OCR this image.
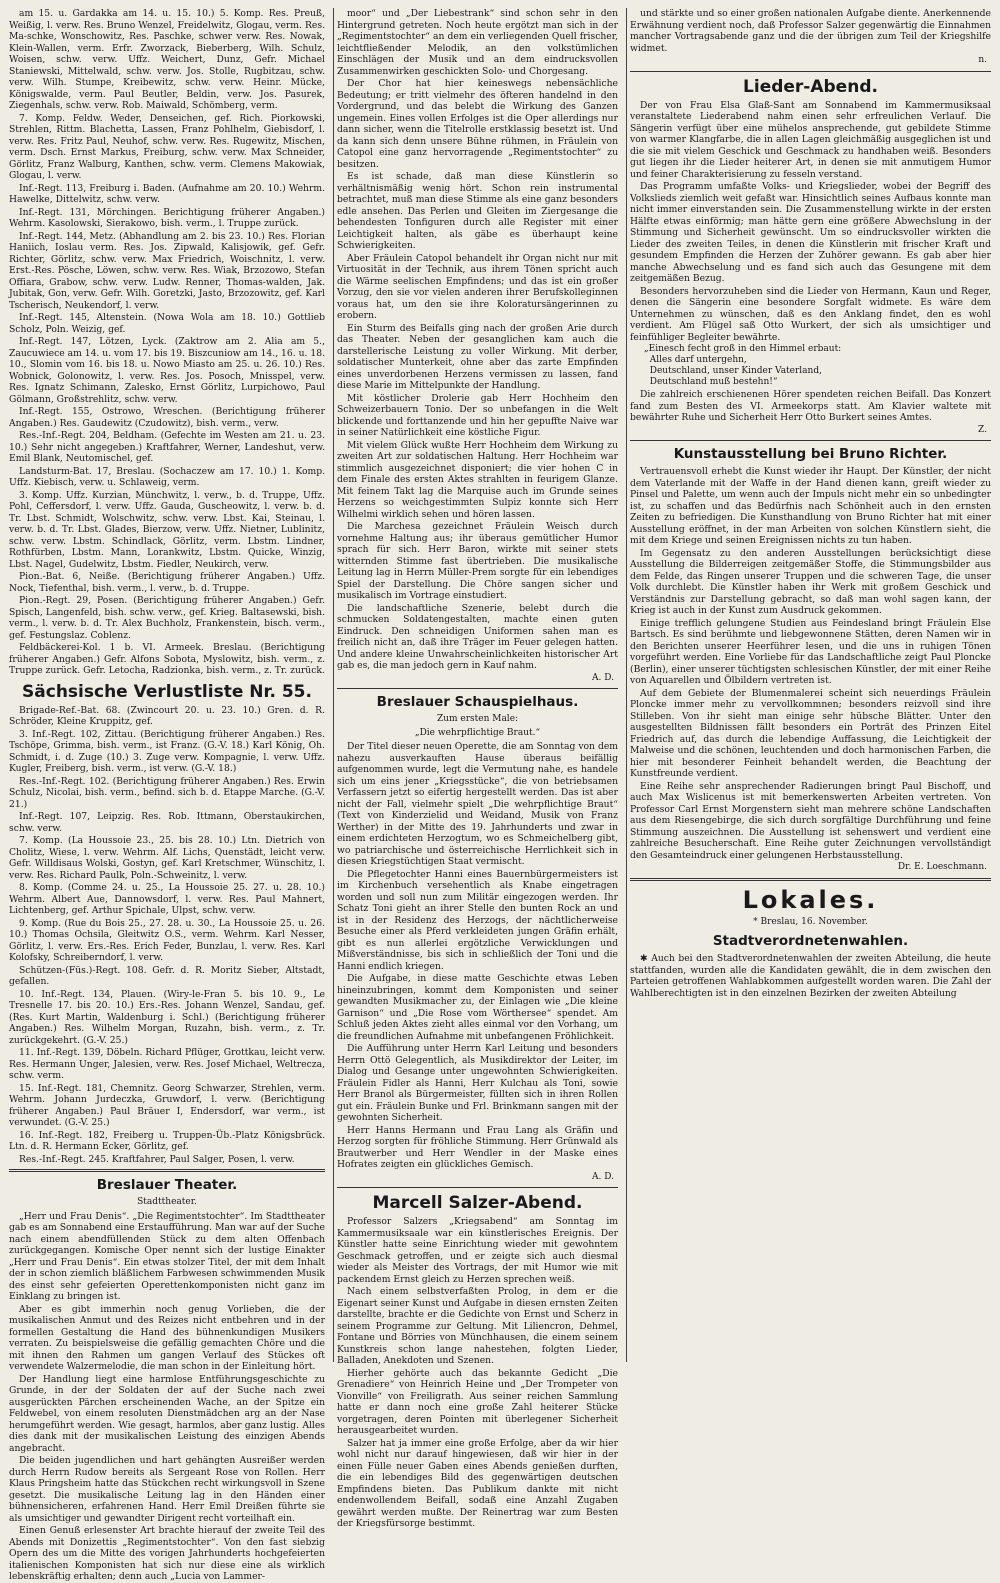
am 15. u. Gardakka am 14. u. 15. 10.) 5. Komp. Res. Preuß, Weißig, l. verw. Res. Bruno Wenzel, Freidelwitz, Glogau, verm. Res. Ma-schke, Wonschowitz, Res. Paschke, schwer verw. Res. Nowak, Klein-Wallen, verm. Erfr. Zworzack, Bieberberg, Wilh. Schulz, Woisen, schw. verw. Uffz. Weichert, Dunz, Gefr. Michael Staniewski, Mittelwald, schw. verw. Jos. Stolle, Rugbitzau, schw. verw. Wilh. Stumpe, Kreibewitz, schw. verw. Heinr. Mücke, Königswalde, verm. Paul Beutler, Beldin, verw. Jos. Pasurek, Ziegenhals, schw. verw. Rob. Maiwald, Schömberg, verm.

7. Komp. Feldw. Weder, Denseichen, gef. Rich. Piorkowski, Strehlen, Rittm. Blachetta, Lassen, Franz Pohlhelm, Giebisdorf, l. verw. Res. Fritz Paul, Neuhof, schw. verw. Res. Rugewitz, Mischen, verm. Dsch. Ernst Markus, Freiburg, schw. verw. Max Schneider, Görlitz, Franz Walburg, Kanthen, schw. verm. Clemens Makowiak, Glogau, l. verw.

Inf.-Regt. 113, Freiburg i. Baden. (Aufnahme am 20. 10.) Wehrm. Hawelke, Dittelwitz, schw. verw.

Inf.-Regt. 131, Mörchingen. Berichtigung früherer Angaben.) Wehrm. Kasolowski, Sierakowo, bish. verm., l. Truppe zurück.

Inf.-Regt. 144, Metz. (Abhandlung am 2. bis 23. 10.) Res. Florian Haniich, Ioslau verm. Res. Jos. Zipwald, Kalisjowik, gef. Gefr. Richter, Görlitz, schw. verw. Max Friedrich, Woischnitz, l. verw. Erst.-Res. Pösche, Löwen, schw. verw. Res. Wiak, Brzozowo, Stefan Offiara, Grabow, schw. verw. Ludw. Renner, Thomas-walden, Jak. Jubitak, Gon, verw. Gefr. Wilh. Goretzki, Jasto, Brzozowitz, gef. Karl Tscherisch, Neukendorf, l. verw.

Inf.-Regt. 145, Altenstein. (Nowa Wola am 18. 10.) Gottlieb Scholz, Poln. Weizig, gef.

Inf.-Regt. 147, Lötzen, Lyck. (Zaktrow am 2. Alia am 5., Zaucuwiece am 14. u. vom 17. bis 19. Biszcuniow am 14., 16. u. 18. 10., Slomin vom 16. bis 18. u. Nowo Miasto am 25. u. 26. 10.) Res. Wobnick, Golonowitz, l. verw. Res. Jos. Posoch, Mnisspel, verw. Res. Ignatz Schimann, Zalesko, Ernst Görlitz, Lurpichowo, Paul Gölmann, Großstrehlitz, schw. verw.

Inf.-Regt. 155, Ostrowo, Wreschen. (Berichtigung früherer Angaben.) Res. Gaudewitz (Czudowitz), bish. verm., verw.

Res.-Inf.-Regt. 204, Beldham. (Gefechte im Westen am 21. u. 23. 10.) Sehr nicht angegeben.) Kraftfahrer, Werner, Landeshut, verw. Emil Blank, Neutomischel, gef.

Landsturm-Bat. 17, Breslau. (Sochaczew am 17. 10.) 1. Komp. Uffz. Kiebisch, verw. u. Schlaweig, verm.

3. Komp. Uffz. Kurzian, Münchwitz, l. verw., b. d. Truppe, Uffz. Pohl, Ceffersdorf, l. verw. Uffz. Gauda, Guscheowitz, l. verw. b. d. Tr. Lbst. Schmidt, Wolschwitz, schw. verw. Lbst. Kai, Steinau, l. verw. b. d. Tr. Lbst. Glades, Bierzow, verw. Uffz. Nietner, Lublinitz, schw. verw. Lbstm. Schindlack, Görlitz, verm. Lbstm. Lindner, Rothfürben, Lbstm. Mann, Lorankwitz, Lbstm. Quicke, Winzig, Lbst. Nagel, Gudelwitz, Lbstm. Fiedler, Neukirch, verw.

Pion.-Bat. 6, Neiße. (Berichtigung früherer Angaben.) Uffz. Nock, Tiefenthal, bish. verm., l. verw., b. d. Truppe.

Pion.-Regt. 29, Posen. (Berichtigung früherer Angaben.) Gefr. Spisch, Langenfeld, bish. schw. verw., gef. Krieg. Baltasewski, bish. verm., l. verw. b. d. Tr. Alex Buchholz, Frankenstein, bisch. verm., gef. Festungslaz. Coblenz.

Feldbäckerei-Kol. 1 b. VI. Armeek. Breslau. (Berichtigung früherer Angaben.) Gefr. Alfons Sobota, Myslowitz, bish. verm., z. Truppe zurück. Gefr. Letocha, Radzionka, bish. verm., z. Tr. zurück.

Sächsische Verlustliste Nr. 55.

Brigade-Ref.-Bat. 68. (Zwincourt 20. u. 23. 10.) Gren. d. R. Schröder, Kleine Kruppitz, gef.

3. Inf.-Regt. 102, Zittau. (Berichtigung früherer Angaben.) Res. Tschöpe, Grimma, bish. verm., ist Franz. (G.-V. 18.) Karl König, Oh. Schmidt, i. d. Zuge (10.) 3. Zuge verw. Kompagnie, l. verw. Uffz. Kugler, Freiberg, bish. verm., ist verw. (G.-V. 18.)

Res.-Inf.-Regt. 102. (Berichtigung früherer Angaben.) Res. Erwin Schulz, Nicolai, bish. verm., befind. sich b. d. Etappe Marche. (G.-V. 21.)

Inf.-Regt. 107, Leipzig. Res. Rob. Ittmann, Oberstaukirchen, schw. verw.

7. Komp. (La Houssoie 23., 25. bis 28. 10.) Ltn. Dietrich von Cholitz, Wiese, l. verw. Wehrm. Alf. Lichs, Quenstädt, leicht verw. Gefr. Willdisaus Wolski, Gostyn, gef. Karl Kretschmer, Wünschitz, l. verw. Res. Richard Paulk, Poln.-Schweinitz, l. verw.

8. Komp. (Comme 24. u. 25., La Houssoie 25. 27. u. 28. 10.) Wehrm. Albert Aue, Dannowsdorf, l. verw. Res. Paul Mahnert, Lichtenberg, gef. Arthur Spichale, Ulpst, schw. verw.

9. Komp. (Rue du Bois 25., 27. 28. u. 30., La Houssoie 25. u. 26. 10.) Thomas Ochsila, Gleitwitz O.S., verm. Wehrm. Karl Nesser, Görlitz, l. verw. Ers.-Res. Erich Feder, Bunzlau, l. verw. Res. Karl Kolofsky, Schreiberndorf, l. verw.

Schützen-(Füs.)-Regt. 108. Gefr. d. R. Moritz Sieber, Altstadt, gefallen.

10. Inf.-Regt. 134, Plauen. (Wiry-le-Fran 5. bis 10. 9., Le Tresnelle 17. bis 20. 10.) Ers.-Res. Johann Wenzel, Sandau, gef. (Res. Kurt Martin, Waldenburg i. Schl.) (Berichtigung früherer Angaben.) Res. Wilhelm Morgan, Ruzahn, bish. verm., z. Tr. zurückgekehrt. (G.-V. 25.)

11. Inf.-Regt. 139, Döbeln. Richard Pflüger, Grottkau, leicht verw. Res. Hermann Unger, Jalesien, verw. Res. Josef Michael, Weltrecza, schw. verm.

15. Inf.-Regt. 181, Chemnitz. Georg Schwarzer, Strehlen, verm. Wehrm. Johann Jurdeczka, Gruwdorf, l. verw. (Berichtigung früherer Angaben.) Paul Bräuer I, Endersdorf, war verm., ist verwundet. (G.-V. 25.)

16. Inf.-Regt. 182, Freiberg u. Truppen-Üb.-Platz Königsbrück. Ltn. d. R. Hermann Ecker, Görlitz, gef.

Res.-Inf.-Regt. 245. Kraftfahrer, Paul Salger, Posen, l. verw.

Breslauer Theater.
Stadttheater.

„Herr und Frau Denis“. „Die Regimentstochter“. Im Stadttheater gab es am Sonnabend eine Erstaufführung. Man war auf der Suche nach einem abendfüllenden Stück zu dem alten Offenbach zurückgegangen. Komische Oper nennt sich der lustige Einakter „Herr und Frau Denis“. Ein etwas stolzer Titel, der mit dem Inhalt der in schon ziemlich bläßlichem Farbwesen schwimmenden Musik des einst sehr gefeierten Operettenkomponisten nicht ganz im Einklang zu bringen ist.

Aber es gibt immerhin noch genug Vorlieben, die der musikalischen Anmut und des Reizes nicht entbehren und in der formellen Gestaltung die Hand des bühnenkundigen Musikers verraten. Zu beispielsweise die gefällig gemachten Chöre und die mit ihnen den Rahmen um gangen Verlauf des Stückes oft verwendete Walzermelodie, die man schon in der Einleitung hört.

Der Handlung liegt eine harmlose Entführungsgeschichte zu Grunde, in der der Soldaten der auf der Suche nach zwei ausgerückten Pärchen erscheinenden Wache, an der Spitze ein Feldwebel, von einem resoluten Dienstmädchen arg an der Nase herumgeführt werden. Wie gesagt, harmlos, aber ganz lustig. Alles dies dank mit der musikalischen Leistung des einzigen Abends angebracht.

Die beiden jugendlichen und hart gehängten Ausreißer werden durch Herrn Rudow bereits als Sergeant Rose von Rollen. Herr Klaus Pringsheim hatte das Stückchen recht wirkungsvoll in Szene gesetzt. Die musikalische Leitung lag in den Händen einer bühnensicheren, erfahrenen Hand. Herr Emil Dreißen führte sie als umsichtiger und gewandter Dirigent recht vorteilhaft ein.

Einen Genuß erlesenster Art brachte hierauf der zweite Teil des Abends mit Donizettis „Regimentstochter“. Von den fast siebzig Opern des um die Mitte des vorigen Jahrhunderts hochgefeierten italienischen Komponisten hat sich nur diese eine als wirklich lebenskräftig erhalten; denn auch „Lucia von Lammer-

moor“ und „Der Liebestrank“ sind schon sehr in den Hintergrund getreten. Noch heute ergötzt man sich in der „Regimentstochter“ an dem ein verliegenden Quell frischer, leichtfließender Melodik, an den volkstümlichen Einschlägen der Musik und an dem eindrucksvollen Zusammenwirken geschickten Solo- und Chorgesang.

Der Chor hat hier keineswegs nebensächliche Bedeutung; er tritt vielmehr des öfteren handelnd in den Vordergrund, und das belebt die Wirkung des Ganzen ungemein. Eines vollen Erfolges ist die Oper allerdings nur dann sicher, wenn die Titelrolle erstklassig besetzt ist. Und da kann sich denn unsere Bühne rühmen, in Fräulein von Catopol eine ganz hervorragende „Regimentstochter“ zu besitzen.

Es ist schade, daß man diese Künstlerin so verhältnismäßig wenig hört. Schon rein instrumental betrachtet, muß man diese Stimme als eine ganz besonders edle ansehen. Das Perlen und Gleiten im Ziergesange die behendesten Tonfiguren durch alle Register mit einer Leichtigkeit halten, als gäbe es überhaupt keine Schwierigkeiten.

Aber Fräulein Catopol behandelt ihr Organ nicht nur mit Virtuosität in der Technik, aus ihrem Tönen spricht auch die Wärme seelischen Empfindens; und das ist ein großer Vorzug, den sie vor vielen anderen ihrer Berufskolleginnen voraus hat, um den sie ihre Koloratursängerinnen zu erobern.

Ein Sturm des Beifalls ging nach der großen Arie durch das Theater. Neben der gesanglichen kam auch die darstellerische Leistung zu voller Wirkung. Mit derber, soldatischer Munterkeit, ohne aber das zarte Empfinden eines unverdorbenen Herzens vermissen zu lassen, fand diese Marie im Mittelpunkte der Handlung.

Mit köstlicher Drolerie gab Herr Hochheim den Schweizerbauern Tonio. Der so unbefangen in die Welt blickende und forttanzende und hin her gepuffte Naive war in seiner Natürlichkeit eine köstliche Figur.

Mit vielem Glück wußte Herr Hochheim dem Wirkung zu zweiten Art zur soldatischen Haltung. Herr Hochheim war stimmlich ausgezeichnet disponiert; die vier hohen C in dem Finale des ersten Aktes strahlten in feurigem Glanze. Mit feinem Takt lag die Marquise auch im Grunde seines Herzens so weichgestimmten Sulpiz konnte sich Herr Wilhelmi wirklich sehen und hören lassen.

Die Marchesa gezeichnet Fräulein Weisch durch vornehme Haltung aus; ihr überaus gemütlicher Humor sprach für sich. Herr Baron, wirkte mit seiner stets witternden Stimme fast übertrieben. Die musikalische Leitung lag in Herrn Müller-Prem sorgte für ein lebendiges Spiel der Darstellung. Die Chöre sangen sicher und musikalisch im Vortrage einstudiert.

Die landschaftliche Szenerie, belebt durch die schmucken Soldatengestalten, machte einen guten Eindruck. Den schneidigen Uniformen sahen man es freilich nicht an, daß ihre Träger im Feuer gelegen hatten. Und andere kleine Unwahrscheinlichkeiten historischer Art gab es, die man jedoch gern in Kauf nahm.

A. D.
Breslauer Schauspielhaus.
Zum ersten Male:
„Die wehrpflichtige Braut.“

Der Titel dieser neuen Operette, die am Sonntag von dem nahezu ausverkauften Hause überaus beifällig aufgenommen wurde, legt die Vermutung nahe, es handele sich um eins jener „Kriegsstücke“, die von betriebsamen Verfassern jetzt so eifertig hergestellt werden. Das ist aber nicht der Fall, vielmehr spielt „Die wehrpflichtige Braut“ (Text von Kinderzielid und Weidand, Musik von Franz Werther) in der Mitte des 19. Jahrhunderts und zwar in einem erdichteten Herzogtum, wo es Schmeichelberg gibt, wo patriarchische und österreichische Herrlichkeit sich in diesen Kriegstüchtigen Staat vermischt.

Die Pflegetochter Hanni eines Bauernbürgermeisters ist im Kirchenbuch versehentlich als Knabe eingetragen worden und soll nun zum Militär eingezogen werden. Ihr Schatz Toni gieht an ihrer Stelle den bunten Rock an und ist in der Residenz des Herzogs, der nächtlicherweise Besuche einer als Pferd verkleideten jungen Gräfin erhält, gibt es nun allerlei ergötzliche Verwicklungen und Mißverständnisse, bis sich in schließlich der Toni und die Hanni endlich kriegen.

Die Aufgabe, in diese matte Geschichte etwas Leben hineinzubringen, kommt dem Komponisten und seiner gewandten Musikmacher zu, der Einlagen wie „Die kleine Garnison“ und „Die Rose vom Wörthersee“ spendet. Am Schluß jeden Aktes zieht alles einmal vor den Vorhang, um die freundlichen Aufnahme mit unbefangenen Fröhlichkeit.

Die Aufführung unter Herrn Karl Leitung und besonders Herrn Ottö Gelegentlich, als Musikdirektor der Leiter, im Dialog und Gesange unter ungewohnten Schwierigkeiten. Fräulein Fidler als Hanni, Herr Kulchau als Toni, sowie Herr Branol als Bürgermeister, füllten sich in ihren Rollen gut ein. Fräulein Bunke und Frl. Brinkmann sangen mit der gewohnten Sicherheit.

Herr Hanns Hermann und Frau Lang als Gräfin und Herzog sorgten für fröhliche Stimmung. Herr Grünwald als Brautwerber und Herr Wendler in der Maske eines Hofrates zeigten ein glückliches Gemisch.

A. D.
Marcell Salzer-Abend.

Professor Salzers „Kriegsabend“ am Sonntag im Kammermusiksaale war ein künstlerisches Ereignis. Der Künstler hatte seine Einrichtung wieder mit gewohntem Geschmack getroffen, und er zeigte sich auch diesmal wieder als Meister des Vortrags, der mit Humor wie mit packendem Ernst gleich zu Herzen sprechen weiß.

Nach einem selbstverfaßten Prolog, in dem er die Eigenart seiner Kunst und Aufgabe in diesen ernsten Zeiten darstellte, brachte er die Gedichte von Ernst und Scherz in seinem Programme zur Geltung. Mit Liliencron, Dehmel, Fontane und Börries von Münchhausen, die einem seinem Kunstkreis schon lange nahestehen, folgten Lieder, Balladen, Anekdoten und Szenen.

Hierher gehörte auch das bekannte Gedicht „Die Grenadiere“ von Heinrich Heine und „Der Trompeter von Vionville“ von Freiligrath. Aus seiner reichen Sammlung hatte er dann noch eine große Zahl heiterer Stücke vorgetragen, deren Pointen mit überlegener Sicherheit herausgearbeitet wurden.

Salzer hat ja immer eine große Erfolge, aber da wir hier wohl nicht nur darauf hingewiesen, daß wir hier in der einen Fülle neuer Gaben eines Abends genießen durften, die ein lebendiges Bild des gegenwärtigen deutschen Empfindens bieten. Das Publikum dankte mit nicht endenwollendem Beifall, sodaß eine Anzahl Zugaben gewährt werden mußte. Der Reinertrag war zum Besten der Kriegsfürsorge bestimmt.

und stärkte und so einer großen nationalen Aufgabe diente. Anerkennende Erwähnung verdient noch, daß Professor Salzer gegenwärtig die Einnahmen mancher Vortragsabende ganz und die der übrigen zum Teil der Kriegshilfe widmet.

n.
Lieder-Abend.

Der von Frau Elsa Glaß-Sant am Sonnabend im Kammermusiksaal veranstaltete Liederabend nahm einen sehr erfreulichen Verlauf. Die Sängerin verfügt über eine mühelos ansprechende, gut gebildete Stimme von warmer Klangfarbe, die in allen Lagen gleichmäßig ausgeglichen ist und die sie mit vielem Geschick und Geschmack zu handhaben weiß. Besonders gut liegen ihr die Lieder heiterer Art, in denen sie mit anmutigem Humor und feiner Charakterisierung zu fesseln verstand.

Das Programm umfaßte Volks- und Kriegslieder, wobei der Begriff des Volkslieds ziemlich weit gefaßt war. Hinsichtlich seines Aufbaus konnte man nicht immer einverstanden sein. Die Zusammenstellung wirkte in der ersten Hälfte etwas einförmig; man hätte gern eine größere Abwechslung in der Stimmung und Sicherheit gewünscht. Um so eindrucksvoller wirkten die Lieder des zweiten Teiles, in denen die Künstlerin mit frischer Kraft und gesundem Empfinden die Herzen der Zuhörer gewann. Es gab aber hier manche Abwechselung und es fand sich auch das Gesungene mit dem zeitgemäßen Bezug.

Besonders hervorzuheben sind die Lieder von Hermann, Kaun und Reger, denen die Sängerin eine besondere Sorgfalt widmete. Es wäre dem Unternehmen zu wünschen, daß es den Anklang findet, den es wohl verdient. Am Flügel saß Otto Wurkert, der sich als umsichtiger und feinfühliger Begleiter bewährte.

„Einesch fecht groß in den Himmel erbaut:
Alles darf untergehn,
Deutschland, unser Kinder Vaterland,
Deutschland muß bestehn!“

Die zahlreich erschienenen Hörer spendeten reichen Beifall. Das Konzert fand zum Besten des VI. Armeekorps statt. Am Klavier waltete mit bewährter Ruhe und Sicherheit Herr Otto Burkert seines Amtes.

Z.
Kunstausstellung bei Bruno Richter.

Vertrauensvoll erhebt die Kunst wieder ihr Haupt. Der Künstler, der nicht dem Vaterlande mit der Waffe in der Hand dienen kann, greift wieder zu Pinsel und Palette, um wenn auch der Impuls nicht mehr ein so unbedingter ist, zu schaffen und das Bedürfnis nach Schönheit auch in den ernsten Zeiten zu befriedigen. Die Kunsthandlung von Bruno Richter hat mit einer Ausstellung eröffnet, in der man Arbeiten von solchen Künstlern sieht, die mit dem Kriege und seinen Ereignissen nichts zu tun haben.

Im Gegensatz zu den anderen Ausstellungen berücksichtigt diese Ausstellung die Bilderreigen zeitgemäßer Stoffe, die Stimmungsbilder aus dem Felde, das Ringen unserer Truppen und die schweren Tage, die unser Volk durchlebt. Die Künstler haben ihr Werk mit großem Geschick und Verständnis zur Darstellung gebracht, so daß man wohl sagen kann, der Krieg ist auch in der Kunst zum Ausdruck gekommen.

Einige trefflich gelungene Studien aus Feindesland bringt Fräulein Else Bartsch. Es sind berühmte und liebgewonnene Stätten, deren Namen wir in den Berichten unserer Heerführer lesen, und die uns in ruhigen Tönen vorgeführt werden. Eine Vorliebe für das Landschaftliche zeigt Paul Ploncke (Berlin), einer unserer tüchtigsten schlesischen Künstler, der mit einer Reihe von Aquarellen und Ölbildern vertreten ist.

Auf dem Gebiete der Blumenmalerei scheint sich neuerdings Fräulein Ploncke immer mehr zu vervollkommnen; besonders reizvoll sind ihre Stilleben. Von ihr sieht man einige sehr hübsche Blätter. Unter den ausgestellten Bildnissen fällt besonders ein Porträt des Prinzen Eitel Friedrich auf, das durch die lebendige Auffassung, die Leichtigkeit der Malweise und die schönen, leuchtenden und doch harmonischen Farben, die hier mit besonderer Feinheit behandelt werden, die Beachtung der Kunstfreunde verdient.

Eine Reihe sehr ansprechender Radierungen bringt Paul Bischoff, und auch Max Wislicenus ist mit bemerkenswerten Arbeiten vertreten. Von Professor Carl Ernst Morgenstern sieht man mehrere schöne Landschaften aus dem Riesengebirge, die sich durch sorgfältige Durchführung und feine Stimmung auszeichnen. Die Ausstellung ist sehenswert und verdient eine zahlreiche Besucherschaft. Eine Reihe guter Zeichnungen vervollständigt den Gesamteindruck einer gelungenen Herbstausstellung.

Dr. E. Loeschmann.
Lokales.
* Breslau, 16. November.
Stadtverordnetenwahlen.

✱ Auch bei den Stadtverordnetenwahlen der zweiten Abteilung, die heute stattfanden, wurden alle die Kandidaten gewählt, die in dem zwischen den Parteien getroffenen Wahlabkommen aufgestellt worden waren. Die Zahl der Wahlberechtigten ist in den einzelnen Bezirken der zweiten Abteilung
